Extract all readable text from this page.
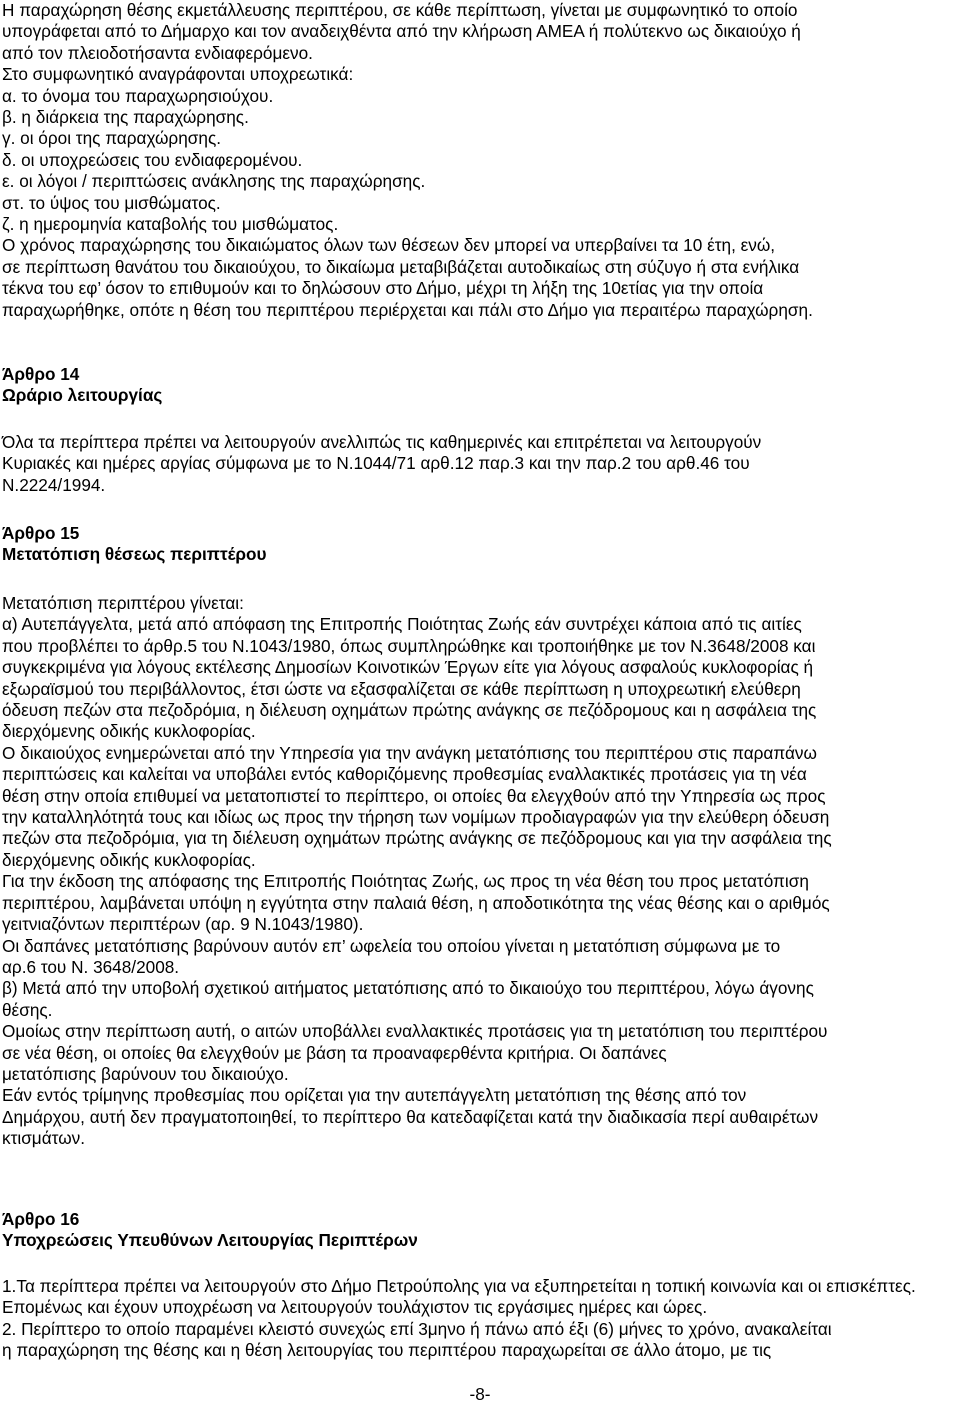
Η παραχώρηση θέσης εκμετάλλευσης περιπτέρου, σε κάθε περίπτωση, γίνεται με συμφωνητικό το οποίο
υπογράφεται από το Δήμαρχο και τον αναδειχθέντα από την κλήρωση ΑΜΕΑ ή πολύτεκνο ως δικαιούχο ή
από τον πλειοδοτήσαντα ενδιαφερόμενο.
Στο συμφωνητικό αναγράφονται υποχρεωτικά:
α. το όνομα του παραχωρησιούχου.
β. η διάρκεια της παραχώρησης.
γ. οι όροι της παραχώρησης.
δ. οι υποχρεώσεις του ενδιαφερομένου.
ε. οι λόγοι / περιπτώσεις ανάκλησης της παραχώρησης.
στ. το ύψος του μισθώματος.
ζ. η ημερομηνία καταβολής του μισθώματος.
Ο χρόνος παραχώρησης του δικαιώματος όλων των θέσεων δεν μπορεί να υπερβαίνει τα 10 έτη, ενώ,
σε περίπτωση θανάτου του δικαιούχου, το δικαίωμα μεταβιβάζεται αυτοδικαίως στη σύζυγο ή στα ενήλικα
τέκνα του εφ’ όσον το επιθυμούν και το δηλώσουν στο Δήμο, μέχρι τη λήξη της 10ετίας για την οποία
παραχωρήθηκε, οπότε η θέση του περιπτέρου περιέρχεται και πάλι στο Δήμο για περαιτέρω παραχώρηση.
Άρθρο 14
Ωράριο λειτουργίας
Όλα τα περίπτερα πρέπει να λειτουργούν ανελλιπώς τις καθημερινές και επιτρέπεται να λειτουργούν
Κυριακές και ημέρες αργίας σύμφωνα με το Ν.1044/71 αρθ.12 παρ.3 και την παρ.2 του αρθ.46 του
Ν.2224/1994.
Άρθρο 15
Μετατόπιση θέσεως περιπτέρου
Μετατόπιση περιπτέρου γίνεται:
α) Αυτεπάγγελτα, μετά από απόφαση της Επιτροπής Ποιότητας Ζωής εάν συντρέχει κάποια από τις αιτίες
που προβλέπει το άρθρ.5 του Ν.1043/1980, όπως συμπληρώθηκε και τροποιήθηκε με τον Ν.3648/2008 και
συγκεκριμένα για λόγους εκτέλεσης Δημοσίων Κοινοτικών Έργων είτε για λόγους ασφαλούς κυκλοφορίας ή
εξωραϊσμού του περιβάλλοντος, έτσι ώστε να εξασφαλίζεται σε κάθε περίπτωση η υποχρεωτική ελεύθερη
όδευση πεζών στα πεζοδρόμια, η διέλευση οχημάτων πρώτης ανάγκης σε πεζόδρομους και η ασφάλεια της
διερχόμενης οδικής κυκλοφορίας.
Ο δικαιούχος ενημερώνεται από την Υπηρεσία για την ανάγκη μετατόπισης του περιπτέρου στις παραπάνω
περιπτώσεις και καλείται να υποβάλει εντός καθοριζόμενης προθεσμίας εναλλακτικές προτάσεις για τη νέα
θέση στην οποία επιθυμεί να μετατοπιστεί το περίπτερο, οι οποίες θα ελεγχθούν από την Υπηρεσία ως προς
την καταλληλότητά τους και ιδίως ως προς την τήρηση των νομίμων προδιαγραφών για την ελεύθερη όδευση
πεζών στα πεζοδρόμια, για τη διέλευση οχημάτων πρώτης ανάγκης σε πεζόδρομους και για την ασφάλεια της
διερχόμενης οδικής κυκλοφορίας.
Για την έκδοση της απόφασης της Επιτροπής Ποιότητας Ζωής, ως προς τη νέα θέση του προς μετατόπιση
περιπτέρου, λαμβάνεται υπόψη η εγγύτητα στην παλαιά θέση, η αποδοτικότητα της νέας θέσης και ο αριθμός
γειτνιαζόντων περιπτέρων (αρ. 9 Ν.1043/1980).
Οι δαπάνες μετατόπισης βαρύνουν αυτόν επ’ ωφελεία του οποίου γίνεται η μετατόπιση σύμφωνα με το
αρ.6 του Ν. 3648/2008.
β) Μετά από την υποβολή σχετικού αιτήματος μετατόπισης από το δικαιούχο του περιπτέρου, λόγω άγονης
θέσης.
Ομοίως στην περίπτωση αυτή, ο αιτών υποβάλλει εναλλακτικές προτάσεις για τη μετατόπιση του περιπτέρου
σε νέα θέση, οι οποίες θα ελεγχθούν με βάση τα προαναφερθέντα κριτήρια. Οι δαπάνες
μετατόπισης βαρύνουν του δικαιούχο.
Εάν εντός τρίμηνης προθεσμίας που ορίζεται για την αυτεπάγγελτη μετατόπιση της θέσης από τον
Δημάρχου, αυτή δεν πραγματοποιηθεί, το περίπτερο θα κατεδαφίζεται κατά την διαδικασία περί αυθαιρέτων
κτισμάτων.
Άρθρο 16
Υποχρεώσεις Υπευθύνων Λειτουργίας Περιπτέρων
1.Τα περίπτερα πρέπει να λειτουργούν στο Δήμο Πετρούπολης για να εξυπηρετείται η τοπική κοινωνία και οι επισκέπτες.
Επομένως και έχουν υποχρέωση να λειτουργούν τουλάχιστον τις εργάσιμες ημέρες και ώρες.
2. Περίπτερο το οποίο παραμένει κλειστό συνεχώς επί 3μηνο ή πάνω από έξι (6) μήνες το χρόνο, ανακαλείται
η παραχώρηση της θέσης και η θέση λειτουργίας του περιπτέρου παραχωρείται σε άλλο άτομο, με τις
-8-
